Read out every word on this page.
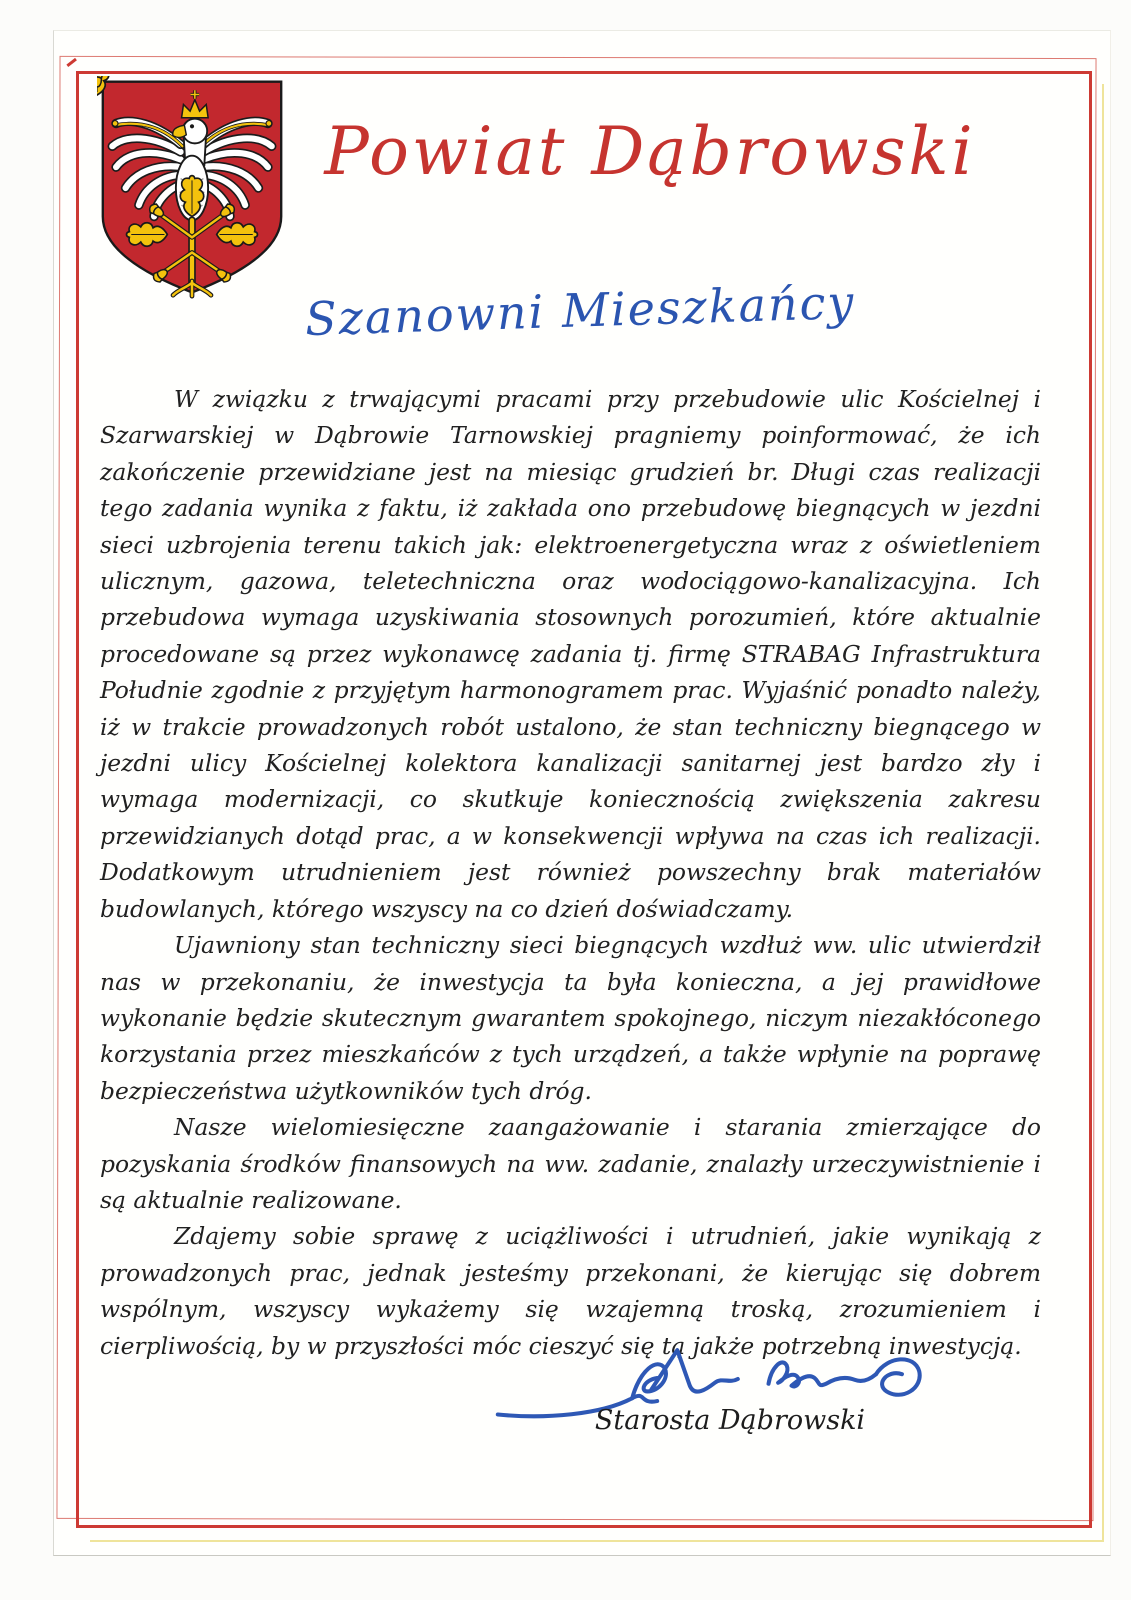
Powiat Dąbrowski
Szanowni Mieszkańcy

W związku z trwającymi pracami przy przebudowie ulic Kościelnej i Szarwarskiej w Dąbrowie Tarnowskiej pragniemy poinformować, że ich zakończenie przewidziane jest na miesiąc grudzień br. Długi czas realizacji tego zadania wynika z faktu, iż zakłada ono przebudowę biegnących w jezdni sieci uzbrojenia terenu takich jak: elektroenergetyczna wraz z oświetleniem ulicznym, gazowa, teletechniczna oraz wodociągowo-kanalizacyjna. Ich przebudowa wymaga uzyskiwania stosownych porozumień, które aktualnie procedowane są przez wykonawcę zadania tj. firmę STRABAG Infrastruktura Południe zgodnie z przyjętym harmonogramem prac. Wyjaśnić ponadto należy, iż w trakcie prowadzonych robót ustalono, że stan techniczny biegnącego w jezdni ulicy Kościelnej kolektora kanalizacji sanitarnej jest bardzo zły i wymaga modernizacji, co skutkuje koniecznością zwiększenia zakresu przewidzianych dotąd prac, a w konsekwencji wpływa na czas ich realizacji. Dodatkowym utrudnieniem jest również powszechny brak materiałów budowlanych, którego wszyscy na co dzień doświadczamy.

Ujawniony stan techniczny sieci biegnących wzdłuż ww. ulic utwierdził nas w przekonaniu, że inwestycja ta była konieczna, a jej prawidłowe wykonanie będzie skutecznym gwarantem spokojnego, niczym niezakłóconego korzystania przez mieszkańców z tych urządzeń, a także wpłynie na poprawę bezpieczeństwa użytkowników tych dróg.

Nasze wielomiesięczne zaangażowanie i starania zmierzające do pozyskania środków finansowych na ww. zadanie, znalazły urzeczywistnienie i są aktualnie realizowane.

Zdajemy sobie sprawę z uciążliwości i utrudnień, jakie wynikają z prowadzonych prac, jednak jesteśmy przekonani, że kierując się dobrem wspólnym, wszyscy wykażemy się wzajemną troską, zrozumieniem i cierpliwością, by w przyszłości móc cieszyć się tą jakże potrzebną inwestycją.

Starosta Dąbrowski
